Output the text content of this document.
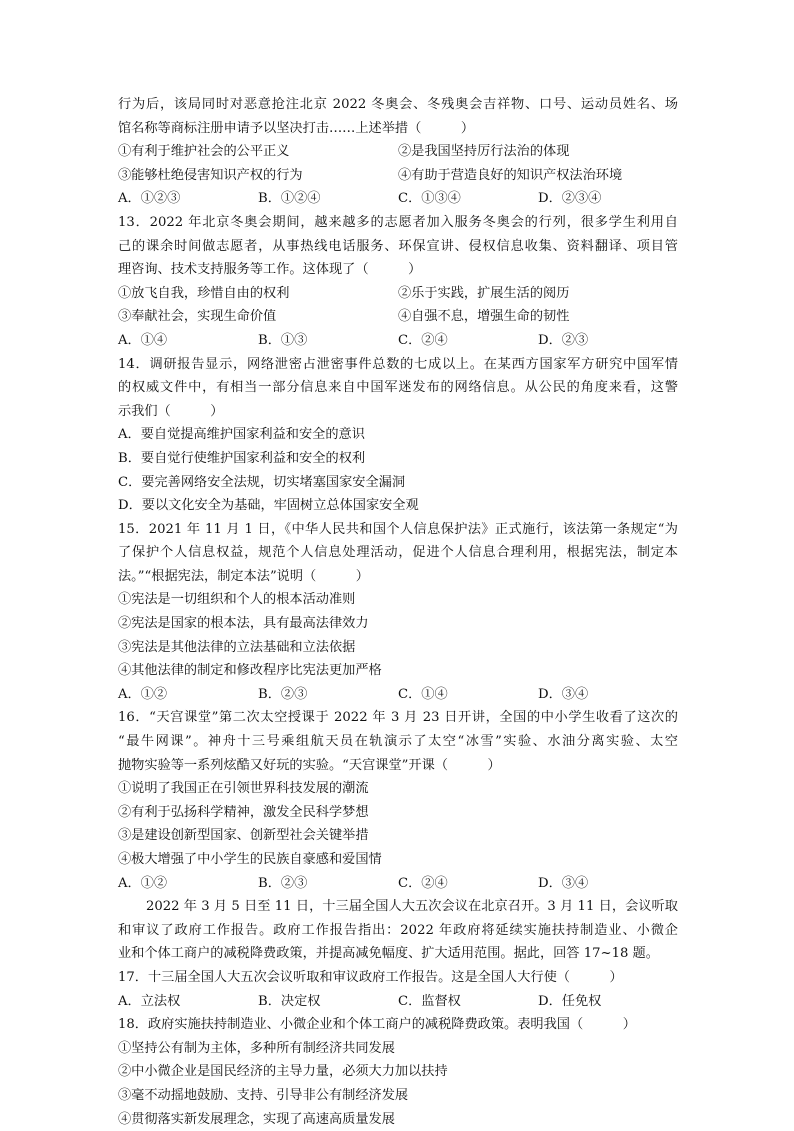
行为后，该局同时对恶意抢注北京 2022 冬奥会、冬残奥会吉祥物、口号、运动员姓名、场
馆名称等商标注册申请予以坚决打击……上述举措（　　　）
①有利于维护社会的公平正义	②是我国坚持厉行法治的体现
③能够杜绝侵害知识产权的行为	④有助于营造良好的知识产权法治环境
A．①②③	B．①②④	C．①③④	D．②③④
13．2022 年北京冬奥会期间，越来越多的志愿者加入服务冬奥会的行列，很多学生利用自
己的课余时间做志愿者，从事热线电话服务、环保宣讲、侵权信息收集、资料翻译、项目管
理咨询、技术支持服务等工作。这体现了（　　　）
①放飞自我，珍惜自由的权利	②乐于实践，扩展生活的阅历
③奉献社会，实现生命价值	④自强不息，增强生命的韧性
A．①④	B．①③	C．②④	D．②③
14．调研报告显示，网络泄密占泄密事件总数的七成以上。在某西方国家军方研究中国军情
的权威文件中，有相当一部分信息来自中国军迷发布的网络信息。从公民的角度来看，这警
示我们（　　　）
A．要自觉提高维护国家利益和安全的意识
B．要自觉行使维护国家利益和安全的权利
C．要完善网络安全法规，切实堵塞国家安全漏洞
D．要以文化安全为基础，牢固树立总体国家安全观
15．2021 年 11 月 1 日，《中华人民共和国个人信息保护法》正式施行，该法第一条规定“为
了保护个人信息权益，规范个人信息处理活动，促进个人信息合理利用，根据宪法，制定本
法。”“根据宪法，制定本法”说明（　　　）
①宪法是一切组织和个人的根本活动准则
②宪法是国家的根本法，具有最高法律效力
③宪法是其他法律的立法基础和立法依据
④其他法律的制定和修改程序比宪法更加严格
A．①②	B．②③	C．①④	D．③④
16．“天宫课堂”第二次太空授课于 2022 年 3 月 23 日开讲，全国的中小学生收看了这次的
“最牛网课”。神舟十三号乘组航天员在轨演示了太空“冰雪”实验、水油分离实验、太空
抛物实验等一系列炫酷又好玩的实验。“天宫课堂”开课（　　　）
①说明了我国正在引领世界科技发展的潮流
②有利于弘扬科学精神，激发全民科学梦想
③是建设创新型国家、创新型社会关键举措
④极大增强了中小学生的民族自豪感和爱国情
A．①②	B．②③	C．②④	D．③④
2022 年 3 月 5 日至 11 日，十三届全国人大五次会议在北京召开。3 月 11 日，会议听取
和审议了政府工作报告。政府工作报告指出：2022 年政府将延续实施扶持制造业、小微企
业和个体工商户的减税降费政策，并提高减免幅度、扩大适用范围。据此，回答 17~18 题。
17．十三届全国人大五次会议听取和审议政府工作报告。这是全国人大行使（　　　）
A．立法权	B．决定权	C．监督权	D．任免权
18．政府实施扶持制造业、小微企业和个体工商户的减税降费政策。表明我国（　　　）
①坚持公有制为主体，多种所有制经济共同发展
②中小微企业是国民经济的主导力量，必须大力加以扶持
③毫不动摇地鼓励、支持、引导非公有制经济发展
④贯彻落实新发展理念，实现了高速高质量发展
